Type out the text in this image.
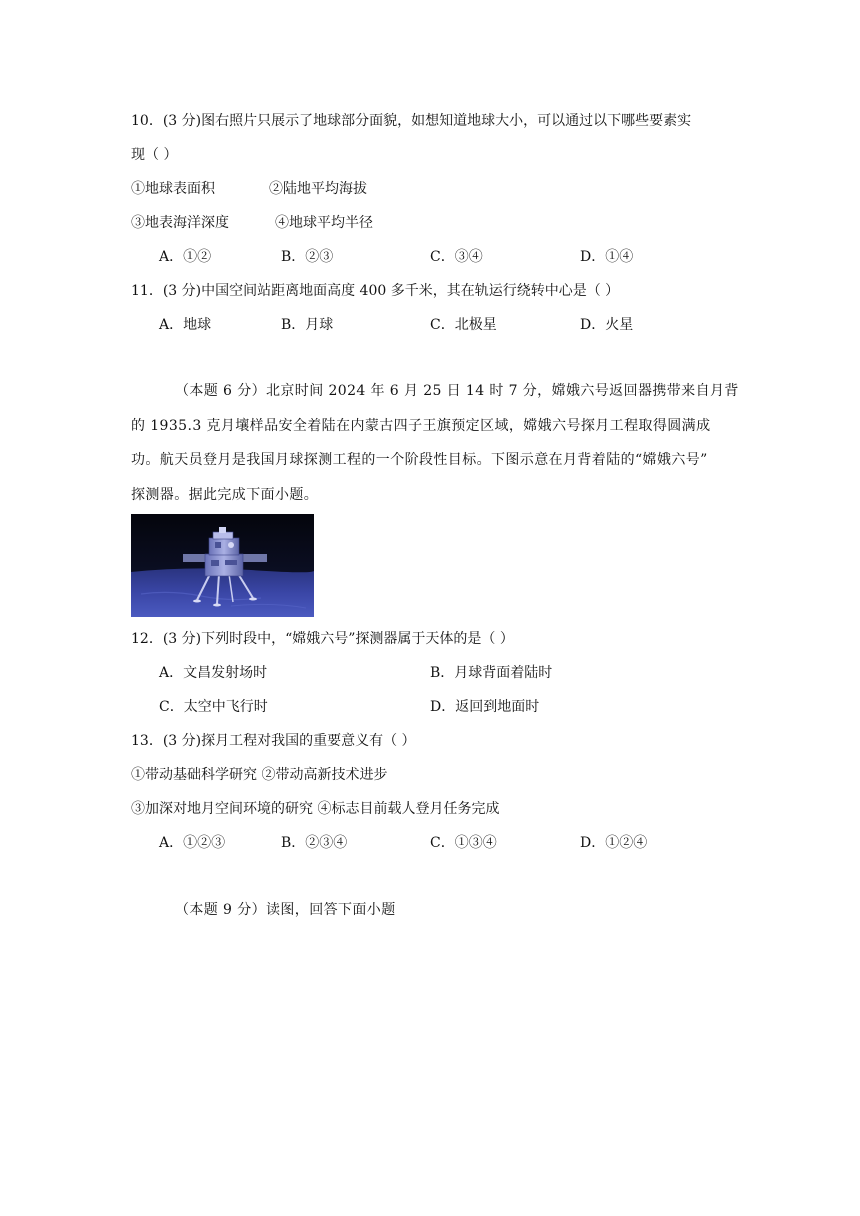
10．(3 分)图右照片只展示了地球部分面貌，如想知道地球大小，可以通过以下哪些要素实
现（ ）
①地球表面积	②陆地平均海拔
③地表海洋深度	④地球平均半径
A．①②	B．②③	C．③④	D．①④
11．(3 分)中国空间站距离地面高度 400 多千米，其在轨运行绕转中心是（ ）
A．地球	B．月球	C．北极星	D．火星
（本题 6 分）北京时间 2024 年 6 月 25 日 14 时 7 分，嫦娥六号返回器携带来自月背
的 1935.3 克月壤样品安全着陆在内蒙古四子王旗预定区域，嫦娥六号探月工程取得圆满成
功。航天员登月是我国月球探测工程的一个阶段性目标。下图示意在月背着陆的“嫦娥六号”
探测器。据此完成下面小题。
12．(3 分)下列时段中，“嫦娥六号”探测器属于天体的是（ ）
A．文昌发射场时	B．月球背面着陆时
C．太空中飞行时	D．返回到地面时
13．(3 分)探月工程对我国的重要意义有（ ）
①带动基础科学研究 ②带动高新技术进步
③加深对地月空间环境的研究 ④标志目前载人登月任务完成
A．①②③	B．②③④	C．①③④	D．①②④
（本题 9 分）读图，回答下面小题
